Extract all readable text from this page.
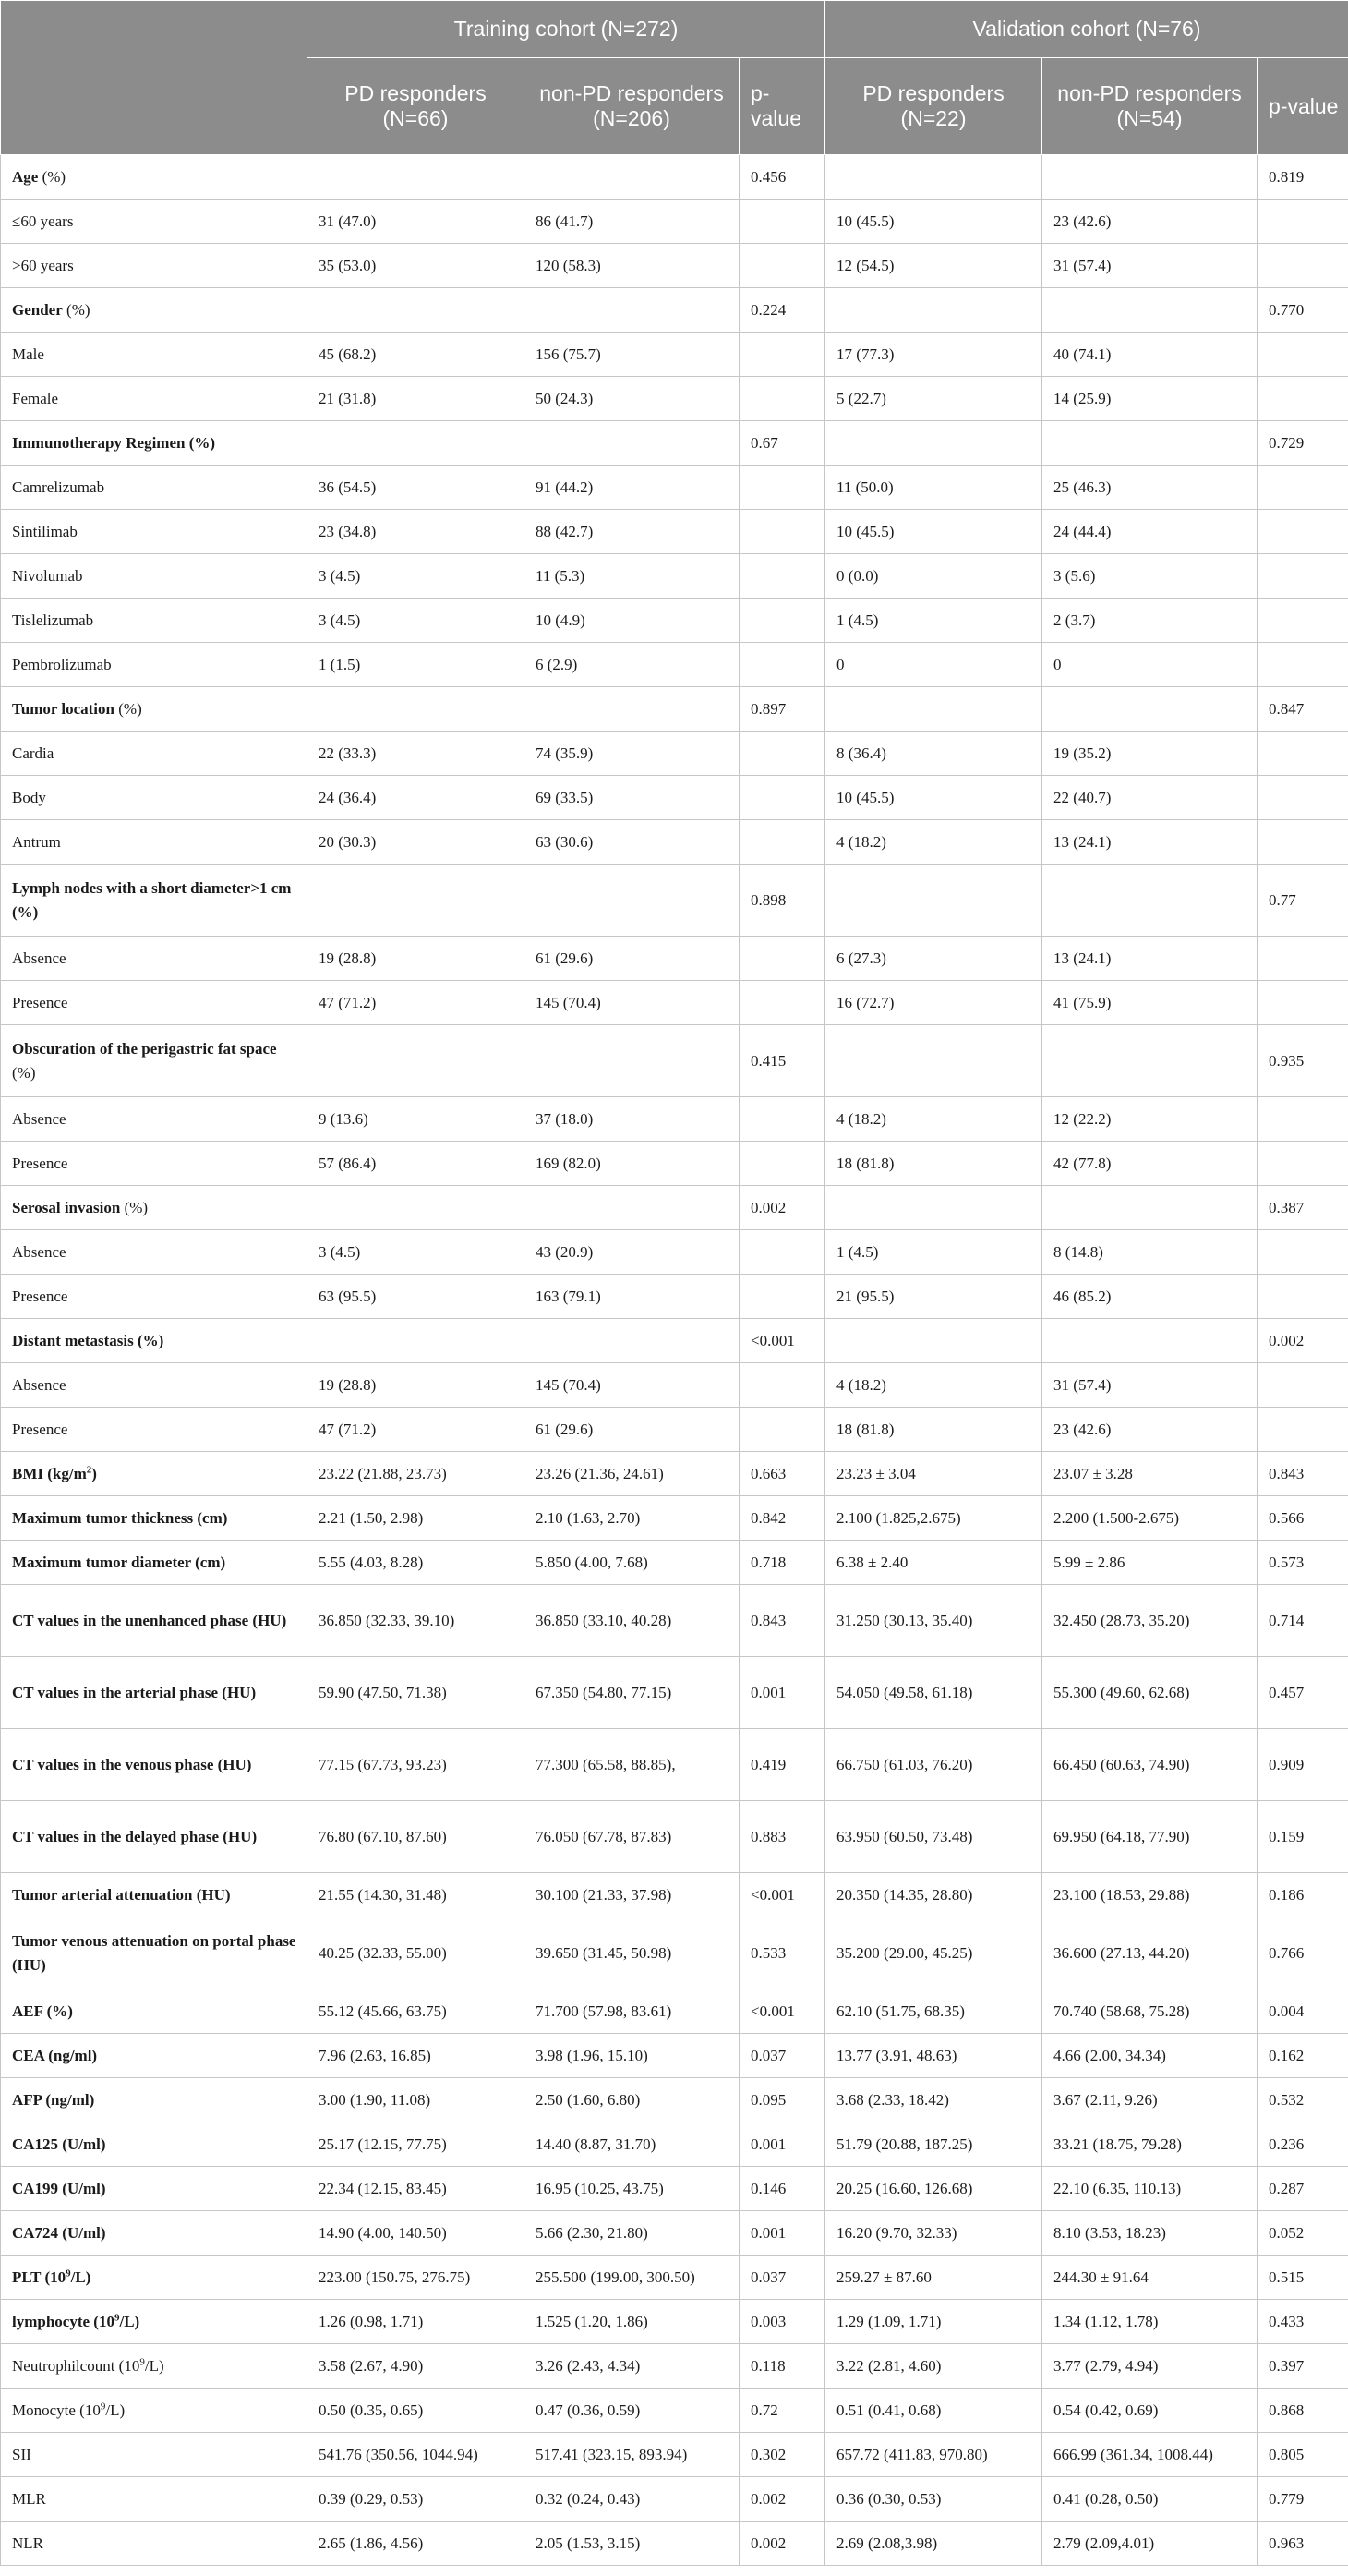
	Training cohort (N=272)			Validation cohort (N=76)		
	PD responders (N=66)	non-PD responders (N=206)	p-value	PD responders (N=22)	non-PD responders (N=54)	p-value
Age (%)			0.456			0.819
≤60 years	31 (47.0)	86 (41.7)		10 (45.5)	23 (42.6)	
>60 years	35 (53.0)	120 (58.3)		12 (54.5)	31 (57.4)	
Gender (%)			0.224			0.770
Male	45 (68.2)	156 (75.7)		17 (77.3)	40 (74.1)	
Female	21 (31.8)	50 (24.3)		5 (22.7)	14 (25.9)	
Immunotherapy Regimen (%)			0.67			0.729
Camrelizumab	36 (54.5)	91 (44.2)		11 (50.0)	25 (46.3)	
Sintilimab	23 (34.8)	88 (42.7)		10 (45.5)	24 (44.4)	
Nivolumab	3 (4.5)	11 (5.3)		0 (0.0)	3 (5.6)	
Tislelizumab	3 (4.5)	10 (4.9)		1 (4.5)	2 (3.7)	
Pembrolizumab	1 (1.5)	6 (2.9)		0	0	
Tumor location (%)			0.897			0.847
Cardia	22 (33.3)	74 (35.9)		8 (36.4)	19 (35.2)	
Body	24 (36.4)	69 (33.5)		10 (45.5)	22 (40.7)	
Antrum	20 (30.3)	63 (30.6)		4 (18.2)	13 (24.1)	
Lymph nodes with a short diameter>1 cm (%)			0.898			0.77
Absence	19 (28.8)	61 (29.6)		6 (27.3)	13 (24.1)	
Presence	47 (71.2)	145 (70.4)		16 (72.7)	41 (75.9)	
Obscuration of the perigastric fat space (%)			0.415			0.935
Absence	9 (13.6)	37 (18.0)		4 (18.2)	12 (22.2)	
Presence	57 (86.4)	169 (82.0)		18 (81.8)	42 (77.8)	
Serosal invasion (%)			0.002			0.387
Absence	3 (4.5)	43 (20.9)		1 (4.5)	8 (14.8)	
Presence	63 (95.5)	163 (79.1)		21 (95.5)	46 (85.2)	
Distant metastasis (%)			<0.001			0.002
Absence	19 (28.8)	145 (70.4)		4 (18.2)	31 (57.4)	
Presence	47 (71.2)	61 (29.6)		18 (81.8)	23 (42.6)	
BMI $(kg/m^2)$	23.22 (21.88, 23.73)	23.26 (21.36, 24.61)	0.663	23.23 ± 3.04	23.07 ± 3.28	0.843
Maximum tumor thickness (cm)	2.21 (1.50, 2.98)	2.10 (1.63, 2.70)	0.842	2.100 (1.825,2.675)	2.200 (1.500-2.675)	0.566
Maximum tumor diameter (cm)	5.55 (4.03, 8.28)	5.850 (4.00, 7.68)	0.718	6.38 ± 2.40	5.99 ± 2.86	0.573
CT values in the unenhanced phase (HU)	36.850 (32.33, 39.10)	36.850 (33.10, 40.28)	0.843	31.250 (30.13, 35.40)	32.450 (28.73, 35.20)	0.714
CT values in the arterial phase (HU)	59.90 (47.50, 71.38)	67.350 (54.80, 77.15)	0.001	54.050 (49.58, 61.18)	55.300 (49.60, 62.68)	0.457
CT values in the venous phase (HU)	77.15 (67.73, 93.23)	77.300 (65.58, 88.85),	0.419	66.750 (61.03, 76.20)	66.450 (60.63, 74.90)	0.909
CT values in the delayed phase (HU)	76.80 (67.10, 87.60)	76.050 (67.78, 87.83)	0.883	63.950 (60.50, 73.48)	69.950 (64.18, 77.90)	0.159
Tumor arterial attenuation (HU)	21.55 (14.30, 31.48)	30.100 (21.33, 37.98)	<0.001	20.350 (14.35, 28.80)	23.100 (18.53, 29.88)	0.186
Tumor venous attenuation on portal phase (HU)	40.25 (32.33, 55.00)	39.650 (31.45, 50.98)	0.533	35.200 (29.00, 45.25)	36.600 (27.13, 44.20)	0.766
AEF (%)	55.12 (45.66, 63.75)	71.700 (57.98, 83.61)	<0.001	62.10 (51.75, 68.35)	70.740 (58.68, 75.28)	0.004
CEA (ng/ml)	7.96 (2.63, 16.85)	3.98 (1.96, 15.10)	0.037	13.77 (3.91, 48.63)	4.66 (2.00, 34.34)	0.162
AFP (ng/ml)	3.00 (1.90, 11.08)	2.50 (1.60, 6.80)	0.095	3.68 (2.33, 18.42)	3.67 (2.11, 9.26)	0.532
CA125 (U/ml)	25.17 (12.15, 77.75)	14.40 (8.87, 31.70)	0.001	51.79 (20.88, 187.25)	33.21 (18.75, 79.28)	0.236
CA199 (U/ml)	22.34 (12.15, 83.45)	16.95 (10.25, 43.75)	0.146	20.25 (16.60, 126.68)	22.10 (6.35, 110.13)	0.287
CA724 (U/ml)	14.90 (4.00, 140.50)	5.66 (2.30, 21.80)	0.001	16.20 (9.70, 32.33)	8.10 (3.53, 18.23)	0.052
PLT $(10^9/L)$	223.00 (150.75, 276.75)	255.500 (199.00, 300.50)	0.037	259.27 ± 87.60	244.30 ± 91.64	0.515
lymphocyte $(10^9/L)$	1.26 (0.98, 1.71)	1.525 (1.20, 1.86)	0.003	1.29 (1.09, 1.71)	1.34 (1.12, 1.78)	0.433
Neutrophilcount $(10^9/L)$	3.58 (2.67, 4.90)	3.26 (2.43, 4.34)	0.118	3.22 (2.81, 4.60)	3.77 (2.79, 4.94)	0.397
Monocyte $(10^9/L)$	0.50 (0.35, 0.65)	0.47 (0.36, 0.59)	0.72	0.51 (0.41, 0.68)	0.54 (0.42, 0.69)	0.868
SII	541.76 (350.56, 1044.94)	517.41 (323.15, 893.94)	0.302	657.72 (411.83, 970.80)	666.99 (361.34, 1008.44)	0.805
MLR	0.39 (0.29, 0.53)	0.32 (0.24, 0.43)	0.002	0.36 (0.30, 0.53)	0.41 (0.28, 0.50)	0.779
NLR	2.65 (1.86, 4.56)	2.05 (1.53, 3.15)	0.002	2.69 (2.08,3.98)	2.79 (2.09,4.01)	0.963
